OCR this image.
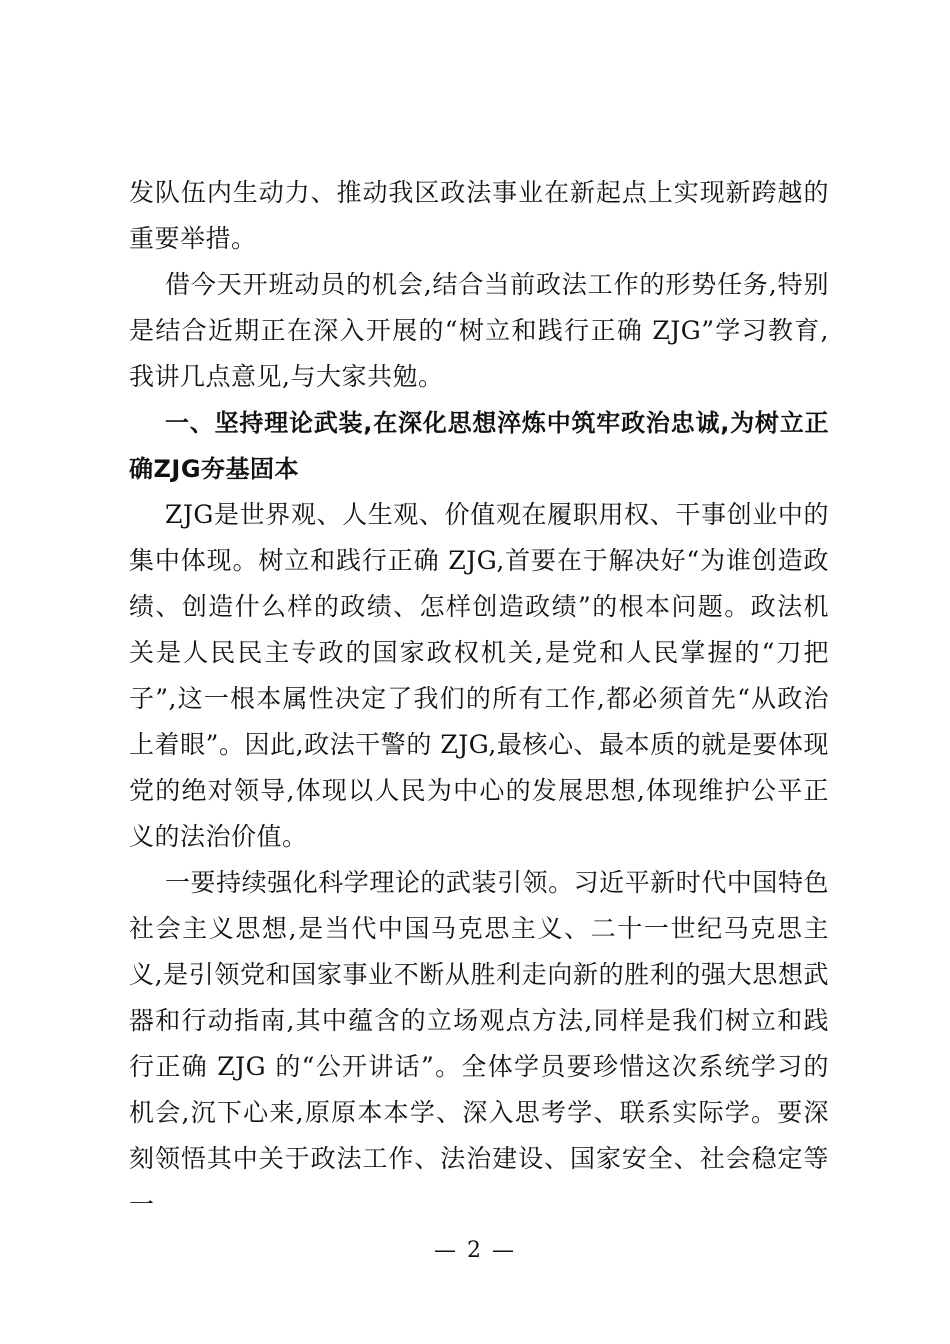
发队伍内生动力、推动我区政法事业在新起点上实现新跨越的重要举措。

借今天开班动员的机会,结合当前政法工作的形势任务,特别是结合近期正在深入开展的“树立和践行正确 ZJG”学习教育,我讲几点意见,与大家共勉。

一、坚持理论武装,在深化思想淬炼中筑牢政治忠诚,为树立正确ZJG夯基固本

ZJG是世界观、人生观、价值观在履职用权、干事创业中的集中体现。树立和践行正确 ZJG,首要在于解决好“为谁创造政绩、创造什么样的政绩、怎样创造政绩”的根本问题。政法机关是人民民主专政的国家政权机关,是党和人民掌握的“刀把子”,这一根本属性决定了我们的所有工作,都必须首先“从政治上着眼”。因此,政法干警的 ZJG,最核心、最本质的就是要体现党的绝对领导,体现以人民为中心的发展思想,体现维护公平正义的法治价值。

一要持续强化科学理论的武装引领。习近平新时代中国特色社会主义思想,是当代中国马克思主义、二十一世纪马克思主义,是引领党和国家事业不断从胜利走向新的胜利的强大思想武器和行动指南,其中蕴含的立场观点方法,同样是我们树立和践行正确 ZJG 的“公开讲话”。全体学员要珍惜这次系统学习的机会,沉下心来,原原本本学、深入思考学、联系实际学。要深刻领悟其中关于政法工作、法治建设、国家安全、社会稳定等一

— 2 —
